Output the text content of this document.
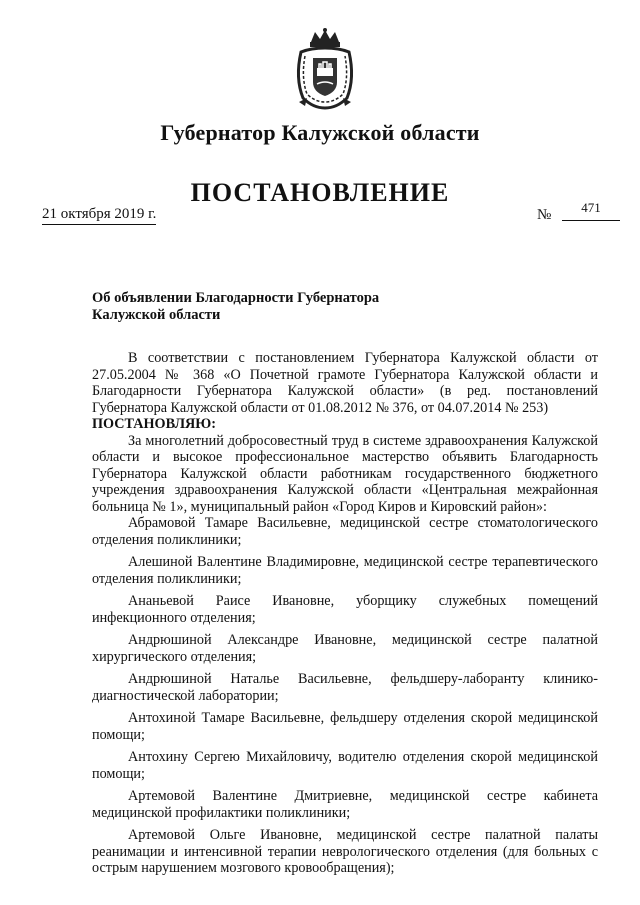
Губернатор Калужской области
ПОСТАНОВЛЕНИЕ
21 октября 2019 г.	№	471
Об объявлении Благодарности Губернатора Калужской области

В соответствии с постановлением Губернатора Калужской области от 27.05.2004 № 368 «О Почетной грамоте Губернатора Калужской области и Благодарности Губернатора Калужской области» (в ред. постановлений Губернатора Калужской области от 01.08.2012 № 376, от 04.07.2014 № 253)

ПОСТАНОВЛЯЮ:

За многолетний добросовестный труд в системе здравоохранения Калужской области и высокое профессиональное мастерство объявить Благодарность Губернатора Калужской области работникам государственного бюджетного учреждения здравоохранения Калужской области «Центральная межрайонная больница № 1», муниципальный район «Город Киров и Кировский район»:

Абрамовой Тамаре Васильевне, медицинской сестре стоматологического отделения поликлиники;

Алешиной Валентине Владимировне, медицинской сестре терапевтического отделения поликлиники;

Ананьевой Раисе Ивановне, уборщику служебных помещений инфекционного отделения;

Андрюшиной Александре Ивановне, медицинской сестре палатной хирургического отделения;

Андрюшиной Наталье Васильевне, фельдшеру-лаборанту клинико-диагностической лаборатории;

Антохиной Тамаре Васильевне, фельдшеру отделения скорой медицинской помощи;

Антохину Сергею Михайловичу, водителю отделения скорой медицинской помощи;

Артемовой Валентине Дмитриевне, медицинской сестре кабинета медицинской профилактики поликлиники;

Артемовой Ольге Ивановне, медицинской сестре палатной палаты реанимации и интенсивной терапии неврологического отделения (для больных с острым нарушением мозгового кровообращения);
